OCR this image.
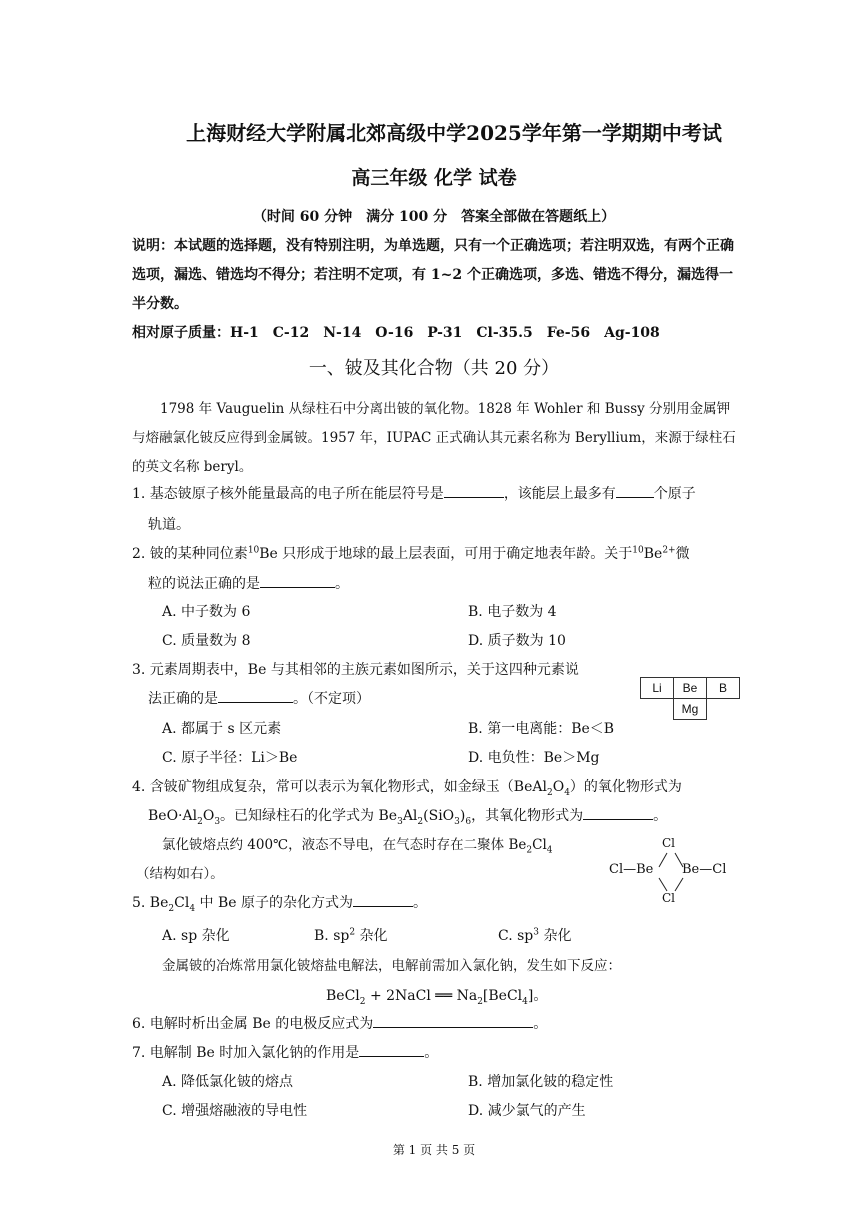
上海财经大学附属北郊高级中学2025学年第一学期期中考试
高三年级 化学 试卷
（时间 60 分钟　满分 100 分　答案全部做在答题纸上）
说明：本试题的选择题，没有特别注明，为单选题，只有一个正确选项；若注明双选，有两个正确选项，漏选、错选均不得分；若注明不定项，有 1~2 个正确选项，多选、错选不得分，漏选得一半分数。
相对原子质量：H-1　C-12　N-14　O-16　P-31　Cl-35.5　Fe-56　Ag-108
一、铍及其化合物（共 20 分）
1798 年 Vauguelin 从绿柱石中分离出铍的氧化物。1828 年 Wohler 和 Bussy 分别用金属钾与熔融氯化铍反应得到金属铍。1957 年，IUPAC 正式确认其元素名称为 Beryllium，来源于绿柱石的英文名称 beryl。
1. 基态铍原子核外能量最高的电子所在能层符号是	，该能层上最多有	个原子
轨道。
2. 铍的某种同位素$^{10}$Be 只形成于地球的最上层表面，可用于确定地表年龄。关于$^{10}Be^{2+}$微
粒的说法正确的是	。
A. 中子数为 6	B. 电子数为 4
C. 质量数为 8	D. 质子数为 10
3. 元素周期表中，Be 与其相邻的主族元素如图所示，关于这四种元素说
法正确的是	。（不定项）
Li	Be	B
Mg
A. 都属于 s 区元素	B. 第一电离能：Be＜B
C. 原子半径：Li＞Be	D. 电负性：Be＞Mg
4. 含铍矿物组成复杂，常可以表示为氧化物形式，如金绿玉$(BeAl_2O_4)$的氧化物形式为
$BeO\cdot Al_2O_3$。已知绿柱石的化学式为 $Be_3Al_2(SiO_3)_6$，其氧化物形式为	。
氯化铍熔点约 400℃，液态不导电，在气态时存在二聚体 $Be_2Cl_4$
（结构如右）。
Cl
Cl—Be Be—Cl
Cl
5. $Be_2Cl_4$ 中 Be 原子的杂化方式为	。
A. sp 杂化	B. $sp^2$ 杂化	C. $sp^3$ 杂化
金属铍的冶炼常用氯化铍熔盐电解法，电解前需加入氯化钠，发生如下反应：
BeCl$_2$ + 2NaCl ══ $Na_2[BeCl_4]$。
6. 电解时析出金属 Be 的电极反应式为	。
7. 电解制 Be 时加入氯化钠的作用是	。
A. 降低氯化铍的熔点	B. 增加氯化铍的稳定性
C. 增强熔融液的导电性	D. 减少氯气的产生
第 1 页 共 5 页
